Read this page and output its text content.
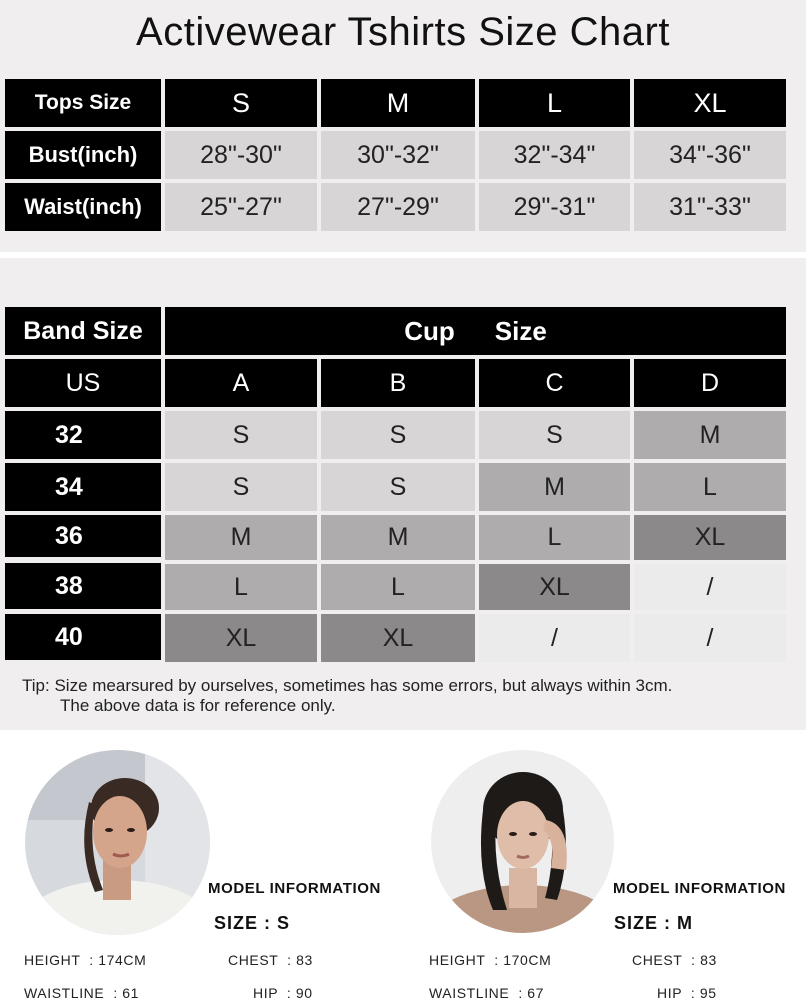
Activewear Tshirts Size Chart
Tops Size	S	M	L	XL
Bust(inch)	28"-30"	30"-32"	32"-34"	34"-36"
Waist(inch)	25"-27"	27"-29"	29"-31"	31"-33"
Band Size	Cup Size
US	A	B	C	D
32	S	S	S	M
34	S	S	M	L
36	M	M	L	XL
38	L	L	XL	/
40	XL	XL	/	/
Tip: Size mearsured by ourselves, sometimes has some errors, but always within 3cm.
The above data is for reference only.
MODEL INFORMATION
SIZE : S
HEIGHT  : 174CM	CHEST  : 83
WAISTLINE  : 61	HIP  : 90
MODEL INFORMATION
SIZE : M
HEIGHT  : 170CM	CHEST  : 83
WAISTLINE  : 67	HIP  : 95
